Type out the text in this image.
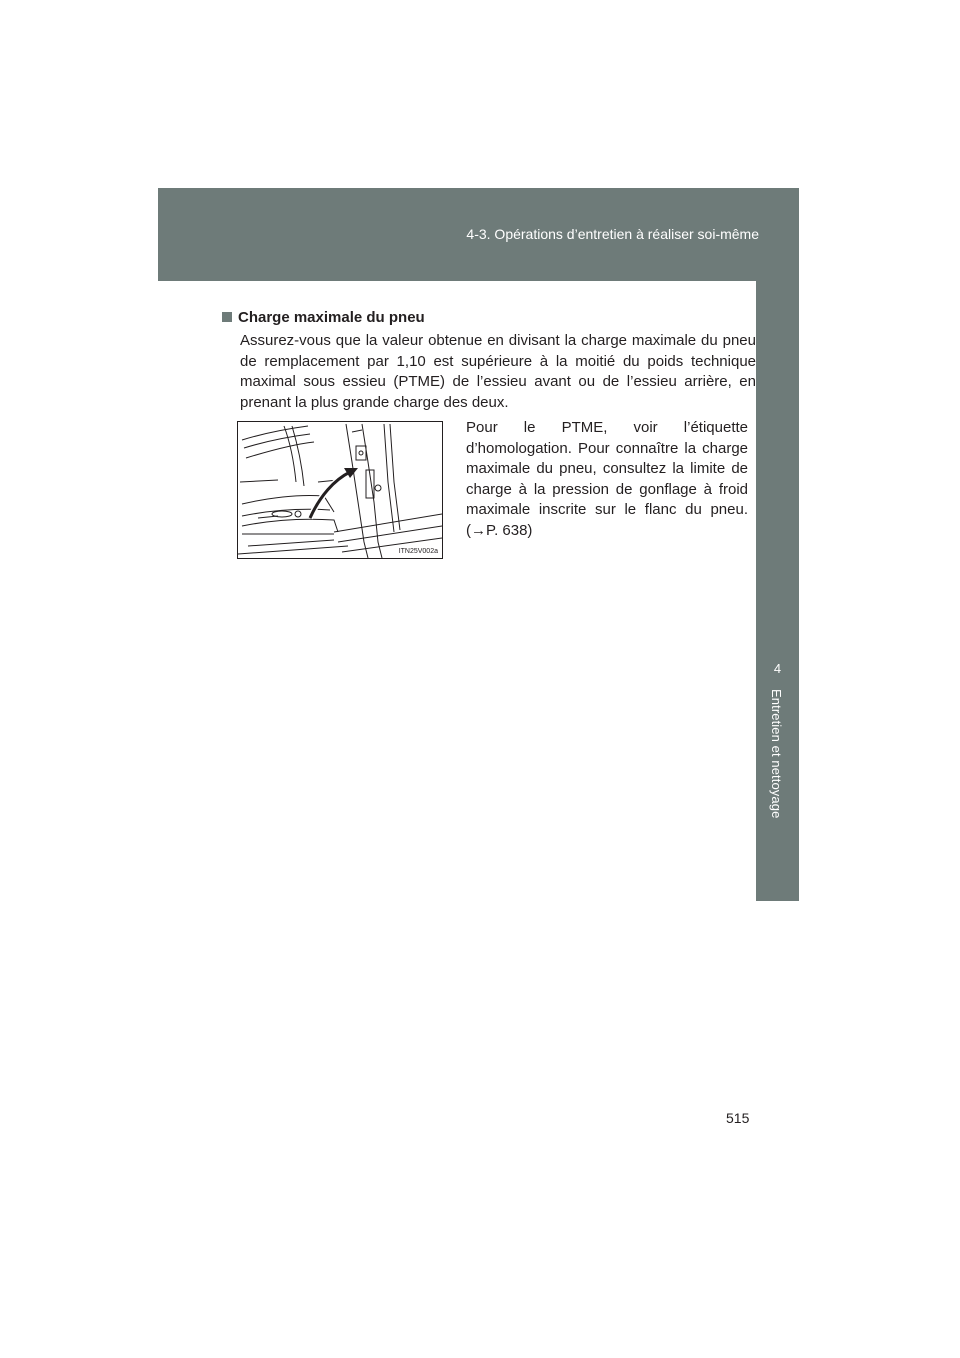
4-3. Opérations d’entretien à réaliser soi-même
4
Entretien et nettoyage
Charge maximale du pneu
Assurez-vous que la valeur obtenue en divisant la charge maximale du pneu de remplacement par 1,10 est supérieure à la moitié du poids technique maximal sous essieu (PTME) de l’essieu avant ou de l’essieu arrière, en prenant la plus grande charge des deux.
ITN25V002a
Pour le PTME, voir l’étiquette d’homologation. Pour connaître la charge maximale du pneu, consultez la limite de charge à la pression de gonflage à froid maximale inscrite sur le flanc du pneu. (→P. 638)
515
